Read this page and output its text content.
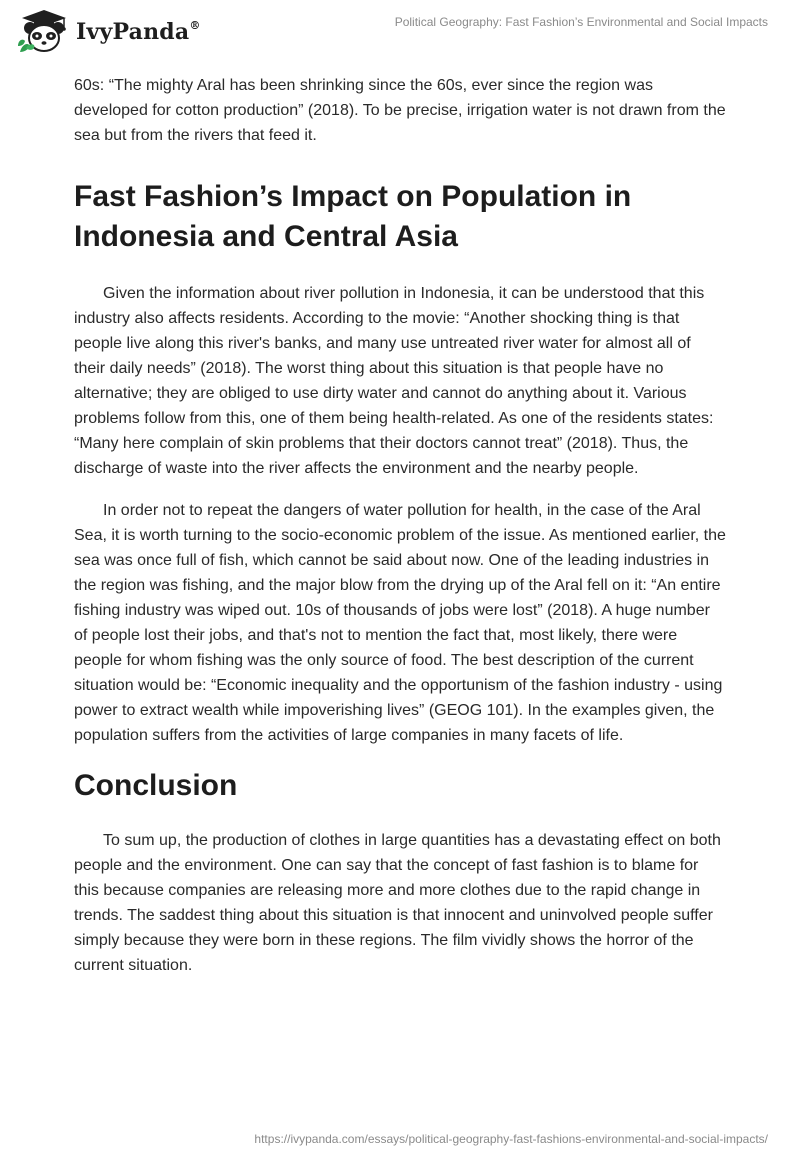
IvyPanda®	Political Geography: Fast Fashion’s Environmental and Social Impacts

60s: “The mighty Aral has been shrinking since the 60s, ever since the region was developed for cotton production” (2018). To be precise, irrigation water is not drawn from the sea but from the rivers that feed it.

Fast Fashion’s Impact on Population in Indonesia and Central Asia

Given the information about river pollution in Indonesia, it can be understood that this industry also affects residents. According to the movie: “Another shocking thing is that people live along this river's banks, and many use untreated river water for almost all of their daily needs” (2018). The worst thing about this situation is that people have no alternative; they are obliged to use dirty water and cannot do anything about it. Various problems follow from this, one of them being health-related. As one of the residents states: “Many here complain of skin problems that their doctors cannot treat” (2018). Thus, the discharge of waste into the river affects the environment and the nearby people.

In order not to repeat the dangers of water pollution for health, in the case of the Aral Sea, it is worth turning to the socio-economic problem of the issue. As mentioned earlier, the sea was once full of fish, which cannot be said about now. One of the leading industries in the region was fishing, and the major blow from the drying up of the Aral fell on it: “An entire fishing industry was wiped out. 10s of thousands of jobs were lost” (2018). A huge number of people lost their jobs, and that's not to mention the fact that, most likely, there were people for whom fishing was the only source of food. The best description of the current situation would be: “Economic inequality and the opportunism of the fashion industry - using power to extract wealth while impoverishing lives” (GEOG 101). In the examples given, the population suffers from the activities of large companies in many facets of life.

Conclusion

To sum up, the production of clothes in large quantities has a devastating effect on both people and the environment. One can say that the concept of fast fashion is to blame for this because companies are releasing more and more clothes due to the rapid change in trends. The saddest thing about this situation is that innocent and uninvolved people suffer simply because they were born in these regions. The film vividly shows the horror of the current situation.

https://ivypanda.com/essays/political-geography-fast-fashions-environmental-and-social-impacts/
